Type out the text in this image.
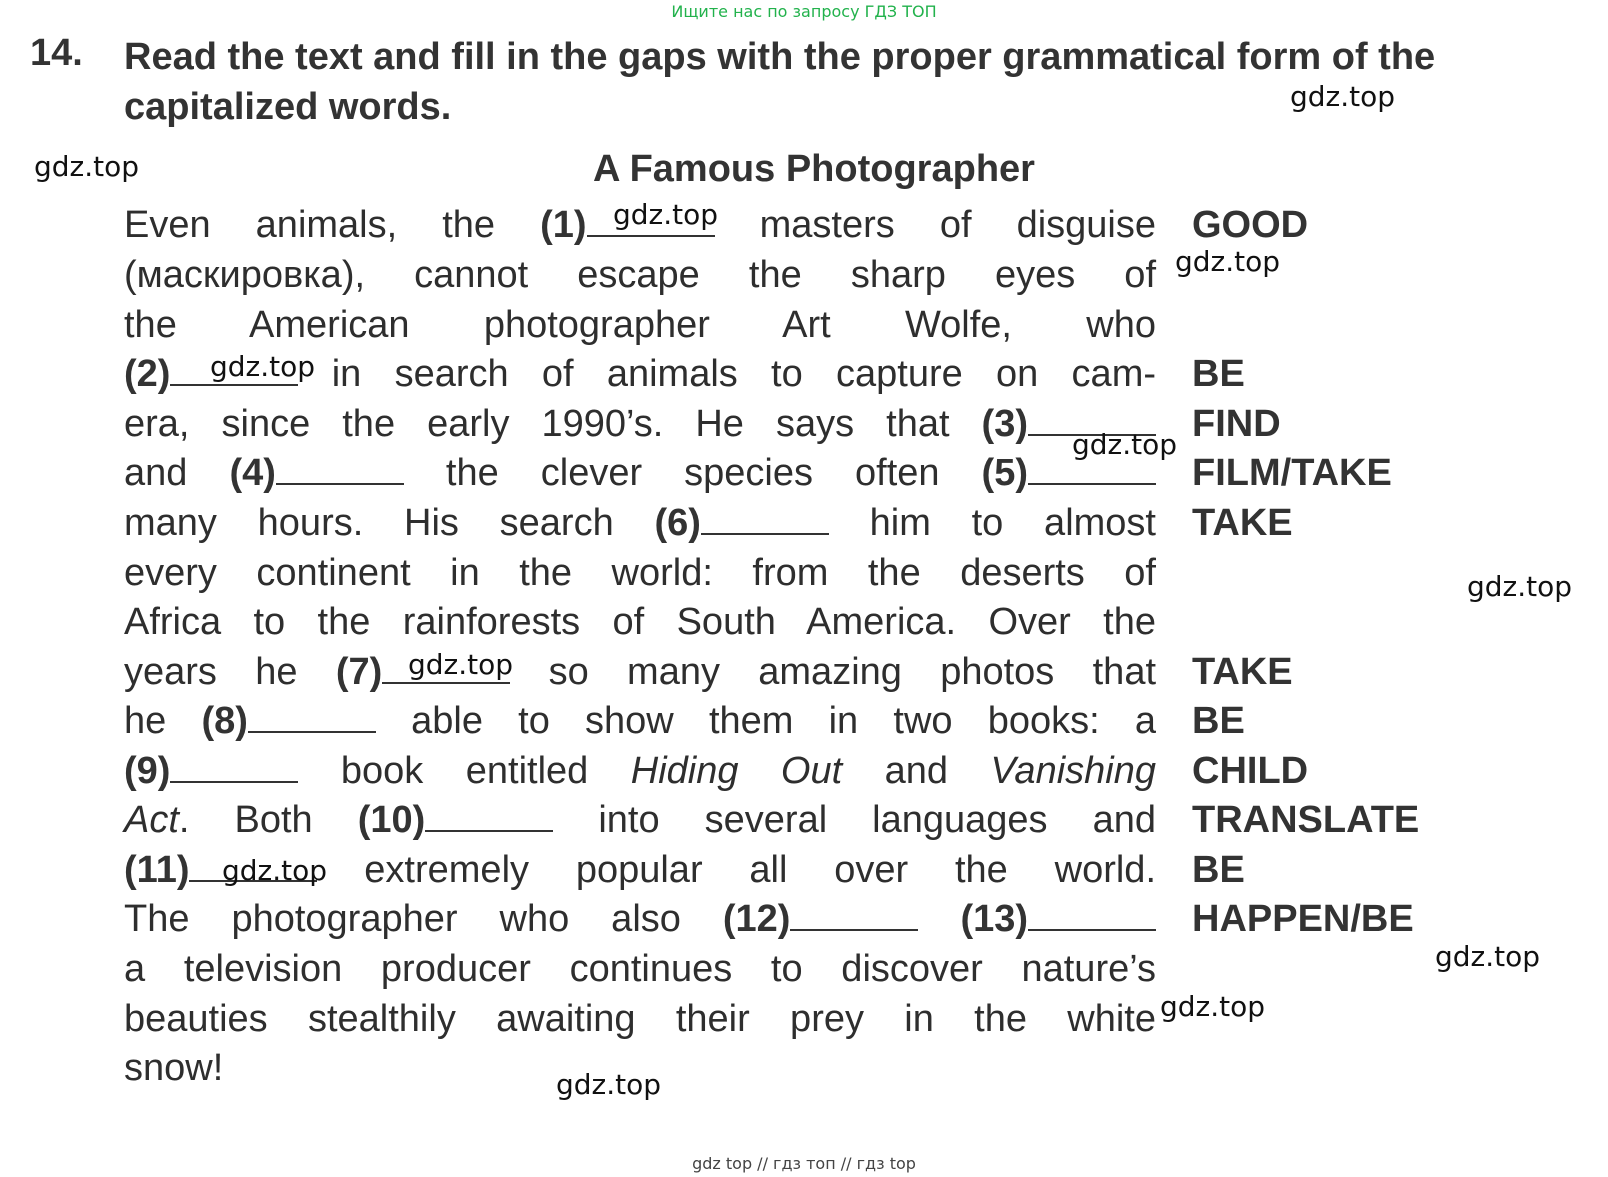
Ищите нас по запросу ГДЗ ТОП
14. Read the text and fill in the gaps with the proper grammatical form of the capitalized words.
A Famous Photographer
Even animals, the (1)	masters of disguise
(маскировка), cannot escape the sharp eyes of
the American photographer Art Wolfe, who
(2)	in search of animals to capture on cam-
era, since the early 1990’s. He says that (3)
and (4)	the clever species often (5)
many hours. His search (6)	him to almost
every continent in the world: from the deserts of
Africa to the rainforests of South America. Over the
years he (7)	so many amazing photos that
he (8)	able to show them in two books: a
(9)	book entitled Hiding Out and Vanishing
Act. Both (10)	into several languages and
(11)	extremely popular all over the world.
The photographer who also (12)	(13)
a television producer continues to discover nature’s
beauties stealthily awaiting their prey in the white
snow!
GOOD
BE
FIND
FILM/TAKE
TAKE
TAKE
BE
CHILD
TRANSLATE
BE
HAPPEN/BE
gdz.top
gdz.top
gdz.top
gdz.top
gdz.top
gdz.top
gdz.top
gdz.top
gdz.top
gdz.top
gdz.top
gdz.top
gdz top // гдз топ // гдз top
